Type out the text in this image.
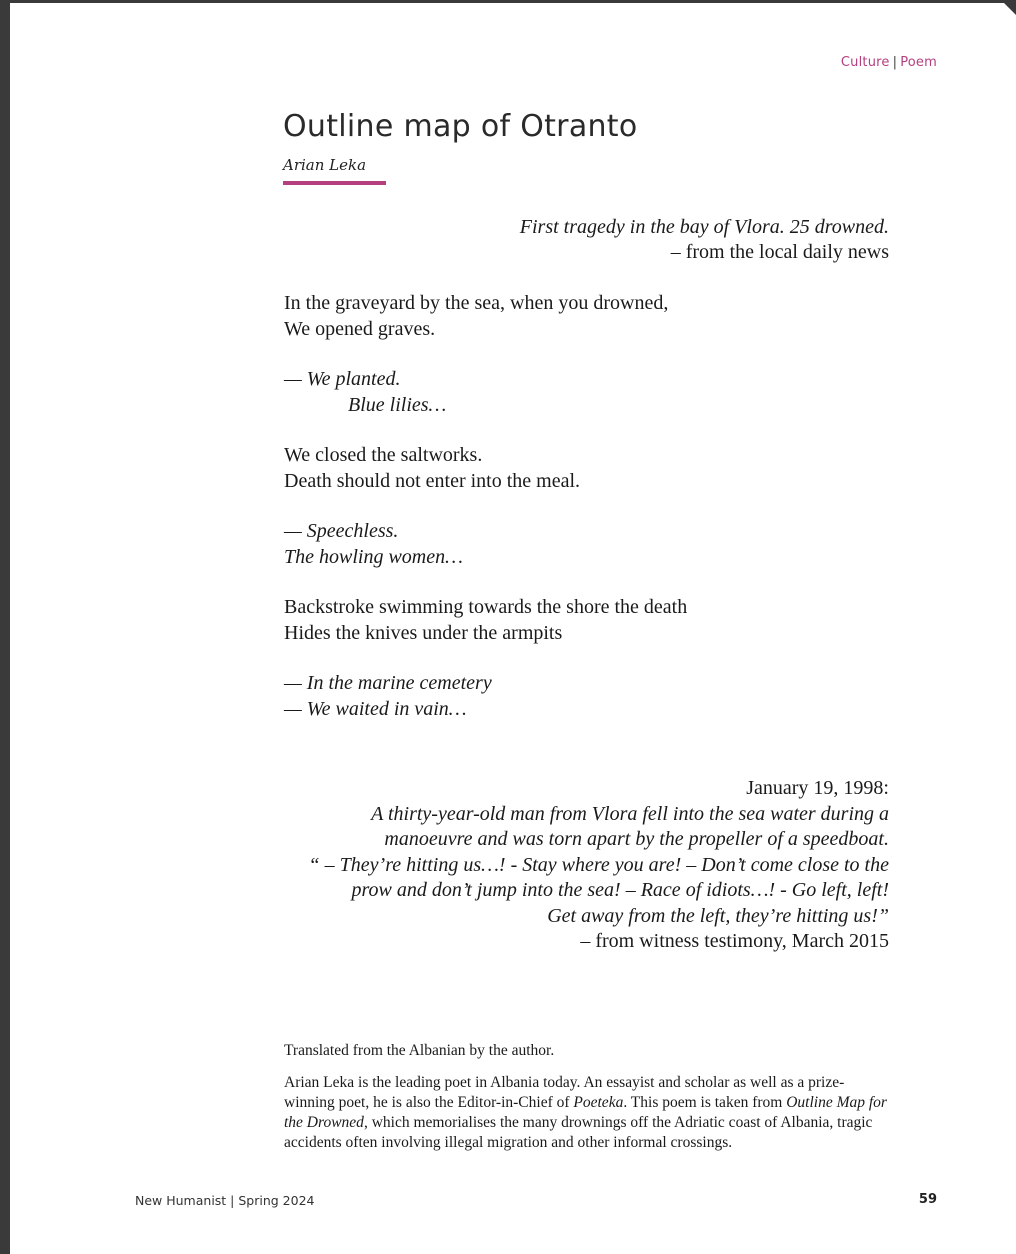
Culture | Poem
Outline map of Otranto
Arian Leka
First tragedy in the bay of Vlora. 25 drowned.
– from the local daily news
In the graveyard by the sea, when you drowned,
We opened graves.
— We planted.
Blue lilies…
We closed the saltworks.
Death should not enter into the meal.
— Speechless.
The howling women…
Backstroke swimming towards the shore the death
Hides the knives under the armpits
— In the marine cemetery
— We waited in vain…
January 19, 1998:
A thirty-year-old man from Vlora fell into the sea water during a
manoeuvre and was torn apart by the propeller of a speedboat.
“ – They’re hitting us…! - Stay where you are! – Don’t come close to the
prow and don’t jump into the sea! – Race of idiots…! - Go left, left!
Get away from the left, they’re hitting us!”
– from witness testimony, March 2015

Translated from the Albanian by the author.

Arian Leka is the leading poet in Albania today. An essayist and scholar as well as a prize-winning poet, he is also the Editor-in-Chief of Poeteka. This poem is taken from Outline Map for the Drowned, which memorialises the many drownings off the Adriatic coast of Albania, tragic accidents often involving illegal migration and other informal crossings.

New Humanist | Spring 2024	59
